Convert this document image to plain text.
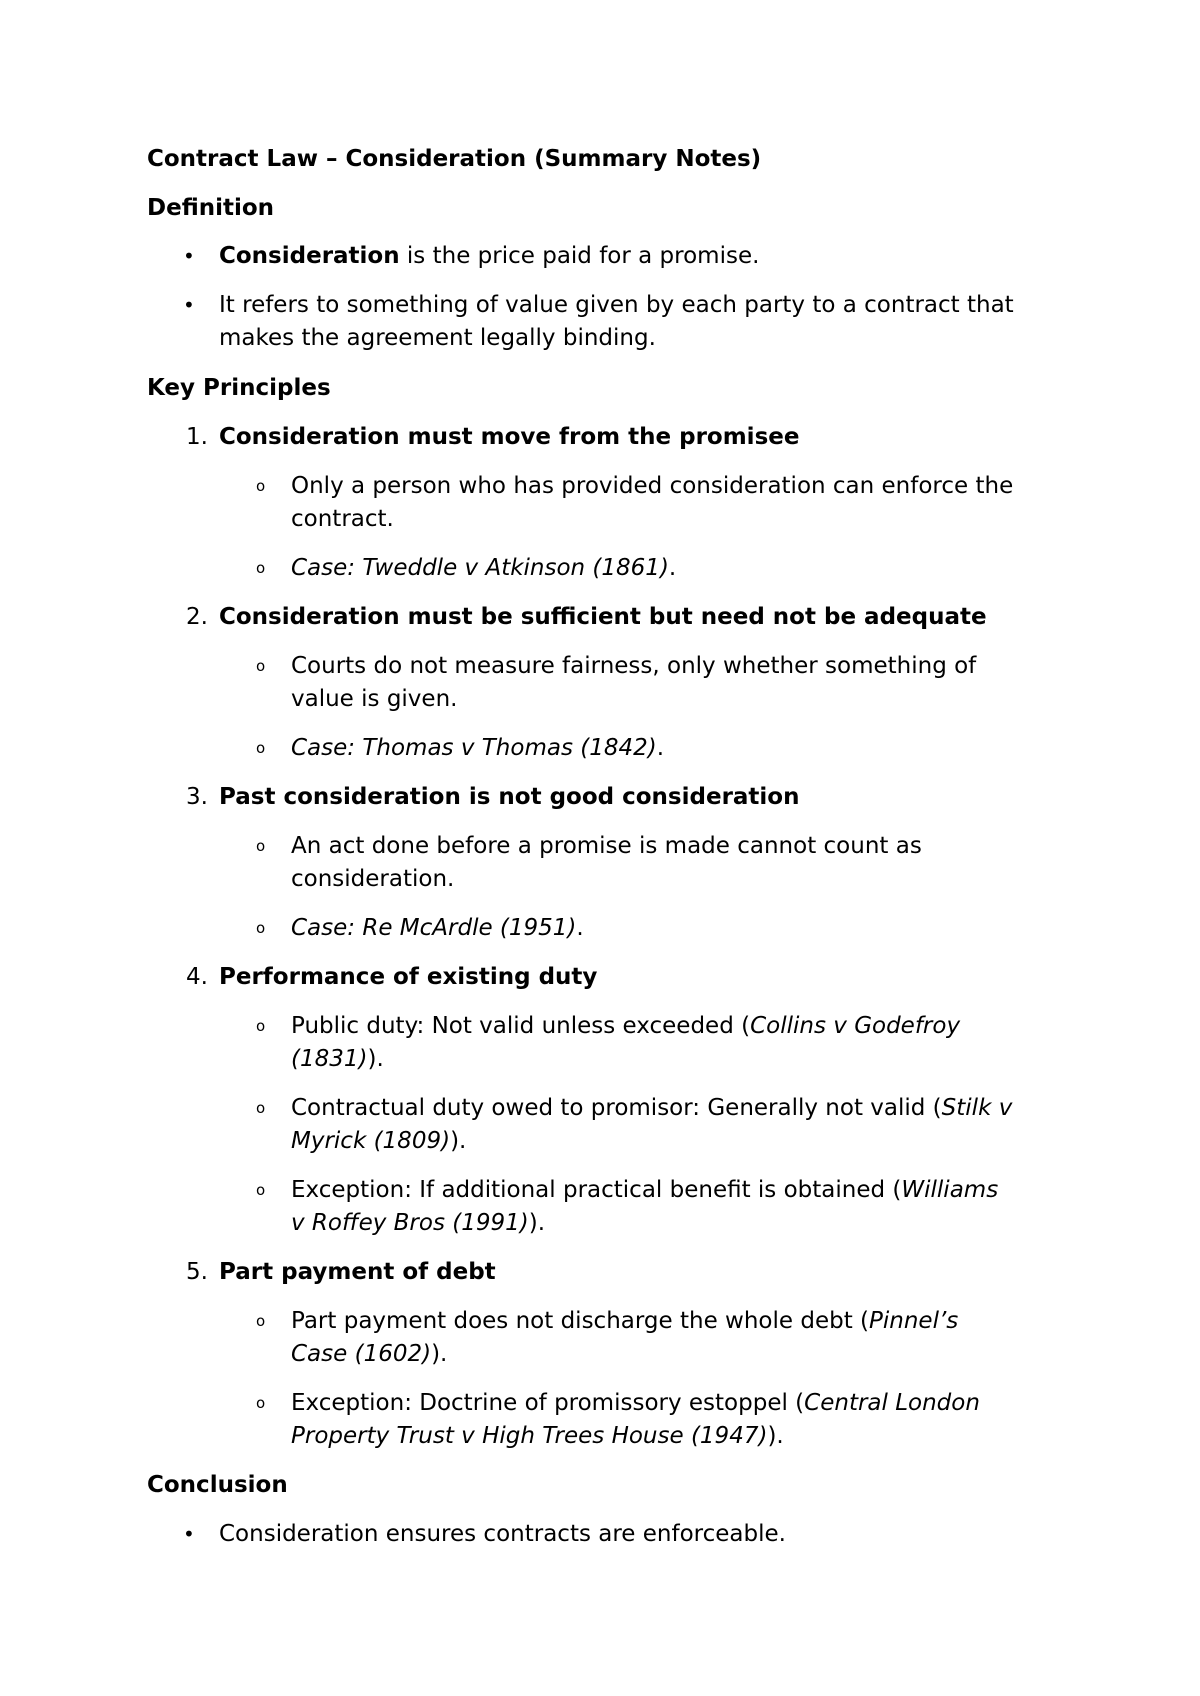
Contract Law – Consideration (Summary Notes)
Definition
• Consideration is the price paid for a promise.
• It refers to something of value given by each party to a contract that
makes the agreement legally binding.
Key Principles
1. Consideration must move from the promisee
o Only a person who has provided consideration can enforce the
contract.
o Case: Tweddle v Atkinson (1861).
2. Consideration must be sufficient but need not be adequate
o Courts do not measure fairness, only whether something of
value is given.
o Case: Thomas v Thomas (1842).
3. Past consideration is not good consideration
o An act done before a promise is made cannot count as
consideration.
o Case: Re McArdle (1951).
4. Performance of existing duty
o Public duty: Not valid unless exceeded (Collins v Godefroy
(1831)).
o Contractual duty owed to promisor: Generally not valid (Stilk v
Myrick (1809)).
o Exception: If additional practical benefit is obtained (Williams
v Roffey Bros (1991)).
5. Part payment of debt
o Part payment does not discharge the whole debt (Pinnel’s
Case (1602)).
o Exception: Doctrine of promissory estoppel (Central London
Property Trust v High Trees House (1947)).
Conclusion
• Consideration ensures contracts are enforceable.
